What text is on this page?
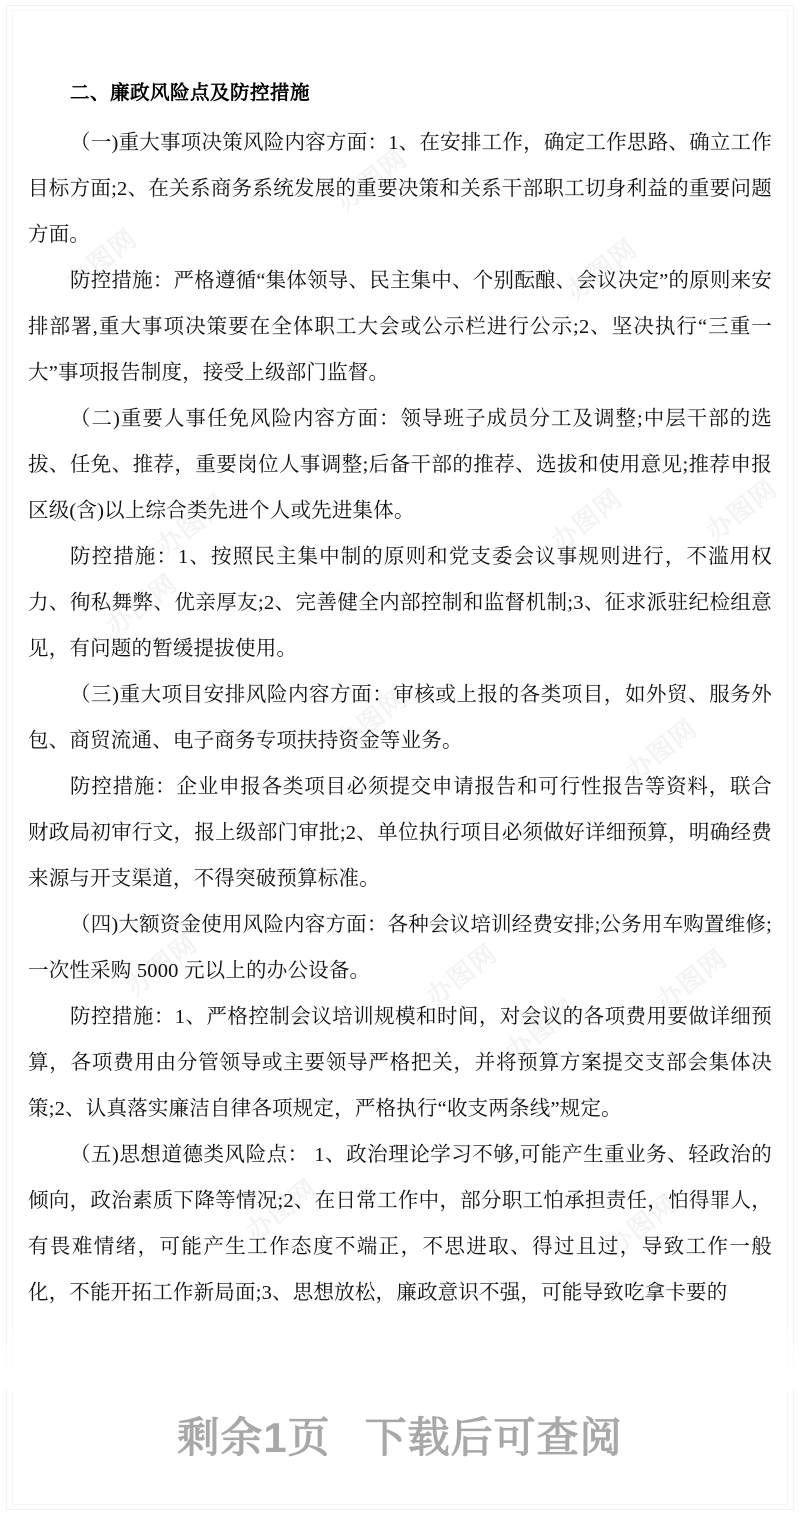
二、廉政风险点及防控措施

（一)重大事项决策风险内容方面：1、在安排工作，确定工作思路、确立工作目标方面;2、在关系商务系统发展的重要决策和关系干部职工切身利益的重要问题方面。

防控措施：严格遵循“集体领导、民主集中、个别酝酿、会议决定”的原则来安排部署,重大事项决策要在全体职工大会或公示栏进行公示;2、坚决执行“三重一大”事项报告制度，接受上级部门监督。

（二)重要人事任免风险内容方面：领导班子成员分工及调整;中层干部的选拔、任免、推荐，重要岗位人事调整;后备干部的推荐、选拔和使用意见;推荐申报区级(含)以上综合类先进个人或先进集体。

防控措施：1、按照民主集中制的原则和党支委会议事规则进行，不滥用权力、徇私舞弊、优亲厚友;2、完善健全内部控制和监督机制;3、征求派驻纪检组意见，有问题的暂缓提拔使用。

（三)重大项目安排风险内容方面：审核或上报的各类项目，如外贸、服务外包、商贸流通、电子商务专项扶持资金等业务。

防控措施：企业申报各类项目必须提交申请报告和可行性报告等资料，联合财政局初审行文，报上级部门审批;2、单位执行项目必须做好详细预算，明确经费来源与开支渠道，不得突破预算标准。

（四)大额资金使用风险内容方面：各种会议培训经费安排;公务用车购置维修;一次性采购 5000 元以上的办公设备。

防控措施：1、严格控制会议培训规模和时间，对会议的各项费用要做详细预算，各项费用由分管领导或主要领导严格把关，并将预算方案提交支部会集体决策;2、认真落实廉洁自律各项规定，严格执行“收支两条线”规定。

（五)思想道德类风险点： 1、政治理论学习不够,可能产生重业务、轻政治的倾向，政治素质下降等情况;2、在日常工作中，部分职工怕承担责任，怕得罪人，有畏难情绪，可能产生工作态度不端正，不思进取、得过且过，导致工作一般化，不能开拓工作新局面;3、思想放松，廉政意识不强，可能导致吃拿卡要的

剩余1页 下载后可查阅
